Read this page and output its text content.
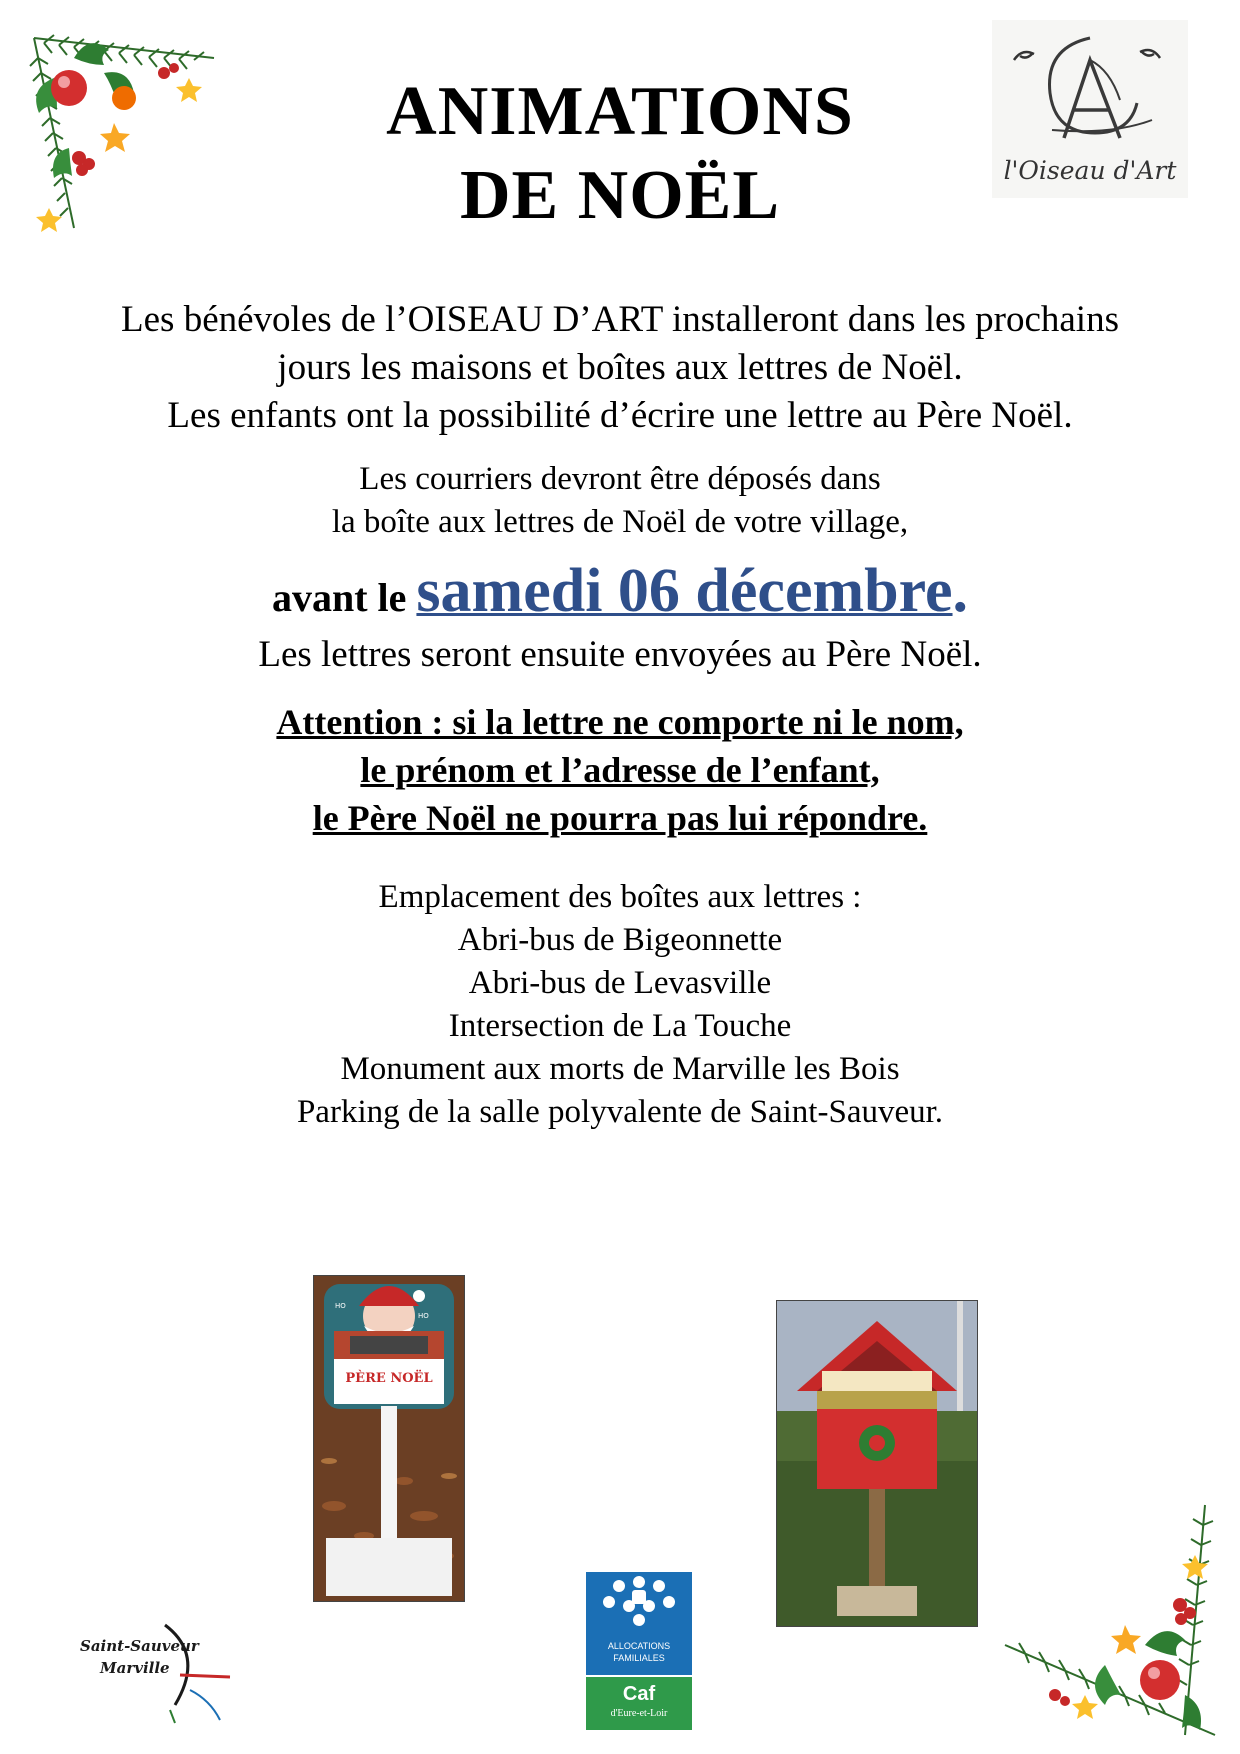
l'Oiseau d'Art
ANIMATIONS
DE NOËL
Les bénévoles de l’OISEAU D’ART installeront dans les prochains
jours les maisons et boîtes aux lettres de Noël.
Les enfants ont la possibilité d’écrire une lettre au Père Noël.
Les courriers devront être déposés dans
la boîte aux lettres de Noël de votre village,
avant le samedi 06 décembre.
Les lettres seront ensuite envoyées au Père Noël.
Attention : si la lettre ne comporte ni le nom,
le prénom et l’adresse de l’enfant,
le Père Noël ne pourra pas lui répondre.
Emplacement des boîtes aux lettres :
Abri-bus de Bigeonnette
Abri-bus de Levasville
Intersection de La Touche
Monument aux morts de Marville les Bois
Parking de la salle polyvalente de Saint-Sauveur.
HO
HO
PÈRE NOËL
Saint-Sauveur
Marville
ALLOCATIONS
FAMILIALES
Caf
d'Eure-et-Loir
